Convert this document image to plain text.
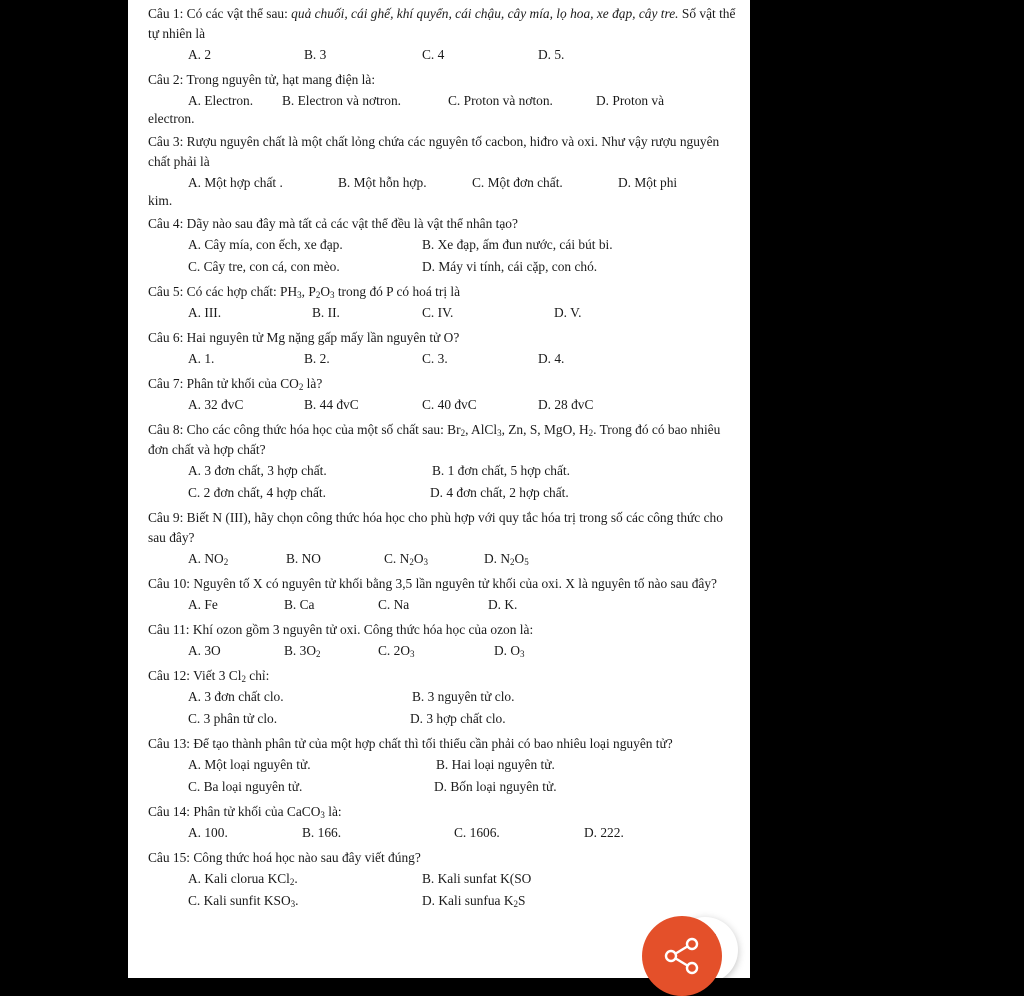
Câu 1: Có các vật thể sau: quả chuối, cái ghế, khí quyển, cái chậu, cây mía, lọ hoa, xe đạp, cây tre. Số vật thể tự nhiên là

A. 2	B. 3	C. 4	D. 5.

Câu 2: Trong nguyên tử, hạt mang điện là:

A. Electron. B. Electron và nơtron.	C. Proton và nơton.	D. Proton và
electron.

Câu 3: Rượu nguyên chất là một chất lỏng chứa các nguyên tố cacbon, hiđro và oxi. Như vậy rượu nguyên chất phải là

A. Một hợp chất .	B. Một hỗn hợp.	C. Một đơn chất.	D. Một phi
kim.

Câu 4: Dãy nào sau đây mà tất cả các vật thể đều là vật thể nhân tạo?

A. Cây mía, con ếch, xe đạp.	B. Xe đạp, ấm đun nước, cái bút bi.
C. Cây tre, con cá, con mèo.	D. Máy vi tính, cái cặp, con chó.

Câu 5: Có các hợp chất: $PH_3$, $P_2O_3$ trong đó P có hoá trị là

A. III.	B. II.	C. IV.	D. V.

Câu 6: Hai nguyên tử Mg nặng gấp mấy lần nguyên tử O?

A. 1.	B. 2.	C. 3.	D. 4.

Câu 7: Phân tử khối của $CO_2$ là?

A. 32 đvC	B. 44 đvC	C. 40 đvC	D. 28 đvC

Câu 8: Cho các công thức hóa học của một số chất sau: $Br_2$, AlCl$_3$, Zn, S, MgO, $H_2$. Trong đó có bao nhiêu đơn chất và hợp chất?

A. 3 đơn chất, 3 hợp chất.	B. 1 đơn chất, 5 hợp chất.
C. 2 đơn chất, 4 hợp chất.	D. 4 đơn chất, 2 hợp chất.

Câu 9: Biết N (III), hãy chọn công thức hóa học cho phù hợp với quy tắc hóa trị trong số các công thức cho sau đây?

A. $NO_2$	B. NO	C. $N_2O_3$	D. $N_2O_5$

Câu 10: Nguyên tố X có nguyên tử khối bằng 3,5 lần nguyên tử khối của oxi. X là nguyên tố nào sau đây?

A. Fe	B. Ca	C. Na	D. K.

Câu 11: Khí ozon gồm 3 nguyên tử oxi. Công thức hóa học của ozon là:

A. 3O	B. $3O_2$	C. $2O_3$	D. $O_3$

Câu 12: Viết 3 $Cl_2$ chỉ:

A. 3 đơn chất clo.	B. 3 nguyên tử clo.
C. 3 phân tử clo.	D. 3 hợp chất clo.

Câu 13: Để tạo thành phân tử của một hợp chất thì tối thiểu cần phải có bao nhiêu loại nguyên tử?

A. Một loại nguyên tử.	B. Hai loại nguyên tử.
C. Ba loại nguyên tử.	D. Bốn loại nguyên tử.

Câu 14: Phân tử khối của CaCO$_3$ là:

A. 100.	B. 166.	C. 1606.	D. 222.

Câu 15: Công thức hoá học nào sau đây viết đúng?

A. Kali clorua KCl$_2$.	B. Kali sunfat K(SO
C. Kali sunfit $KSO_3$.	D. Kali sunfua $K_2S$
